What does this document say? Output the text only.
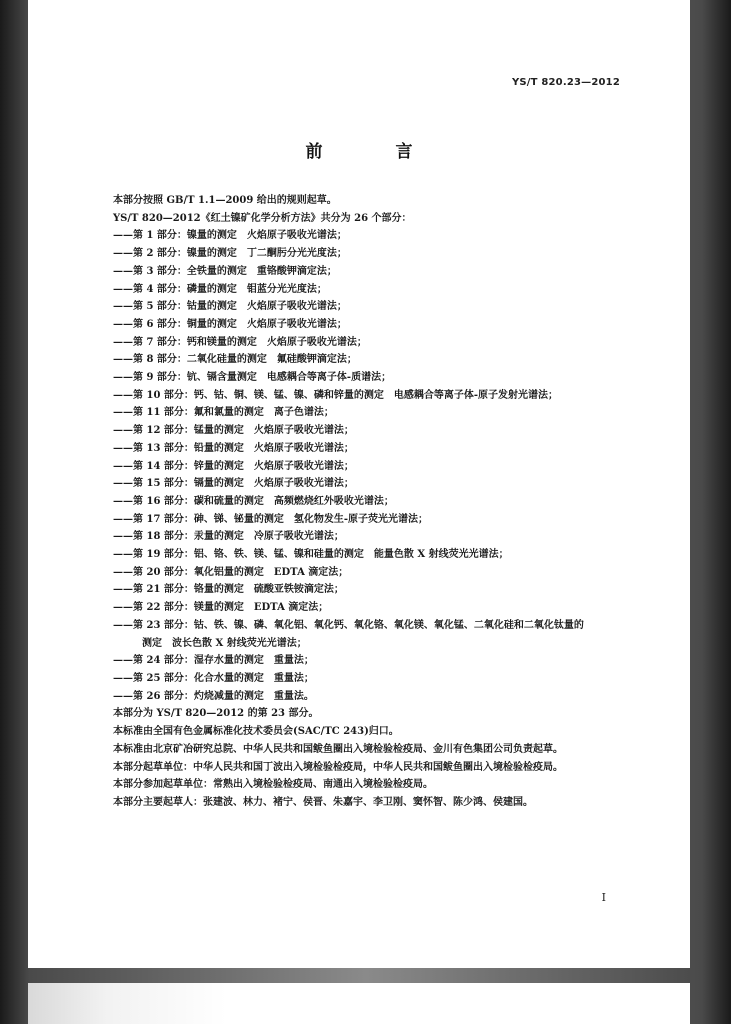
YS/T 820.23—2012
前　言
本部分按照 GB/T 1.1—2009 给出的规则起草。
YS/T 820—2012《红土镍矿化学分析方法》共分为 26 个部分：
——第 1 部分：镍量的测定　火焰原子吸收光谱法；
——第 2 部分：镍量的测定　丁二酮肟分光光度法；
——第 3 部分：全铁量的测定　重铬酸钾滴定法；
——第 4 部分：磷量的测定　钼蓝分光光度法；
——第 5 部分：钴量的测定　火焰原子吸收光谱法；
——第 6 部分：铜量的测定　火焰原子吸收光谱法；
——第 7 部分：钙和镁量的测定　火焰原子吸收光谱法；
——第 8 部分：二氧化硅量的测定　氟硅酸钾滴定法；
——第 9 部分：钪、镉含量测定　电感耦合等离子体-质谱法；
——第 10 部分：钙、钴、铜、镁、锰、镍、磷和锌量的测定　电感耦合等离子体-原子发射光谱法；
——第 11 部分：氟和氯量的测定　离子色谱法；
——第 12 部分：锰量的测定　火焰原子吸收光谱法；
——第 13 部分：铅量的测定　火焰原子吸收光谱法；
——第 14 部分：锌量的测定　火焰原子吸收光谱法；
——第 15 部分：镉量的测定　火焰原子吸收光谱法；
——第 16 部分：碳和硫量的测定　高频燃烧红外吸收光谱法；
——第 17 部分：砷、锑、铋量的测定　氢化物发生-原子荧光光谱法；
——第 18 部分：汞量的测定　冷原子吸收光谱法；
——第 19 部分：铝、铬、铁、镁、锰、镍和硅量的测定　能量色散 X 射线荧光光谱法；
——第 20 部分：氧化铝量的测定　EDTA 滴定法；
——第 21 部分：铬量的测定　硫酸亚铁铵滴定法；
——第 22 部分：镁量的测定　EDTA 滴定法；
——第 23 部分：钴、铁、镍、磷、氧化铝、氧化钙、氧化铬、氧化镁、氧化锰、二氧化硅和二氧化钛量的
测定　波长色散 X 射线荧光光谱法；
——第 24 部分：湿存水量的测定　重量法；
——第 25 部分：化合水量的测定　重量法；
——第 26 部分：灼烧减量的测定　重量法。
本部分为 YS/T 820—2012 的第 23 部分。
本标准由全国有色金属标准化技术委员会(SAC/TC 243)归口。
本标准由北京矿冶研究总院、中华人民共和国鲅鱼圈出入境检验检疫局、金川有色集团公司负责起草。
本部分起草单位：中华人民共和国丁波出入境检验检疫局，中华人民共和国鲅鱼圈出入境检验检疫局。
本部分参加起草单位：常熟出入境检验检疫局、南通出入境检验检疫局。
本部分主要起草人：张建波、林力、褚宁、侯晋、朱嘉宇、李卫刚、窦怀智、陈少鸿、侯建国。
I
